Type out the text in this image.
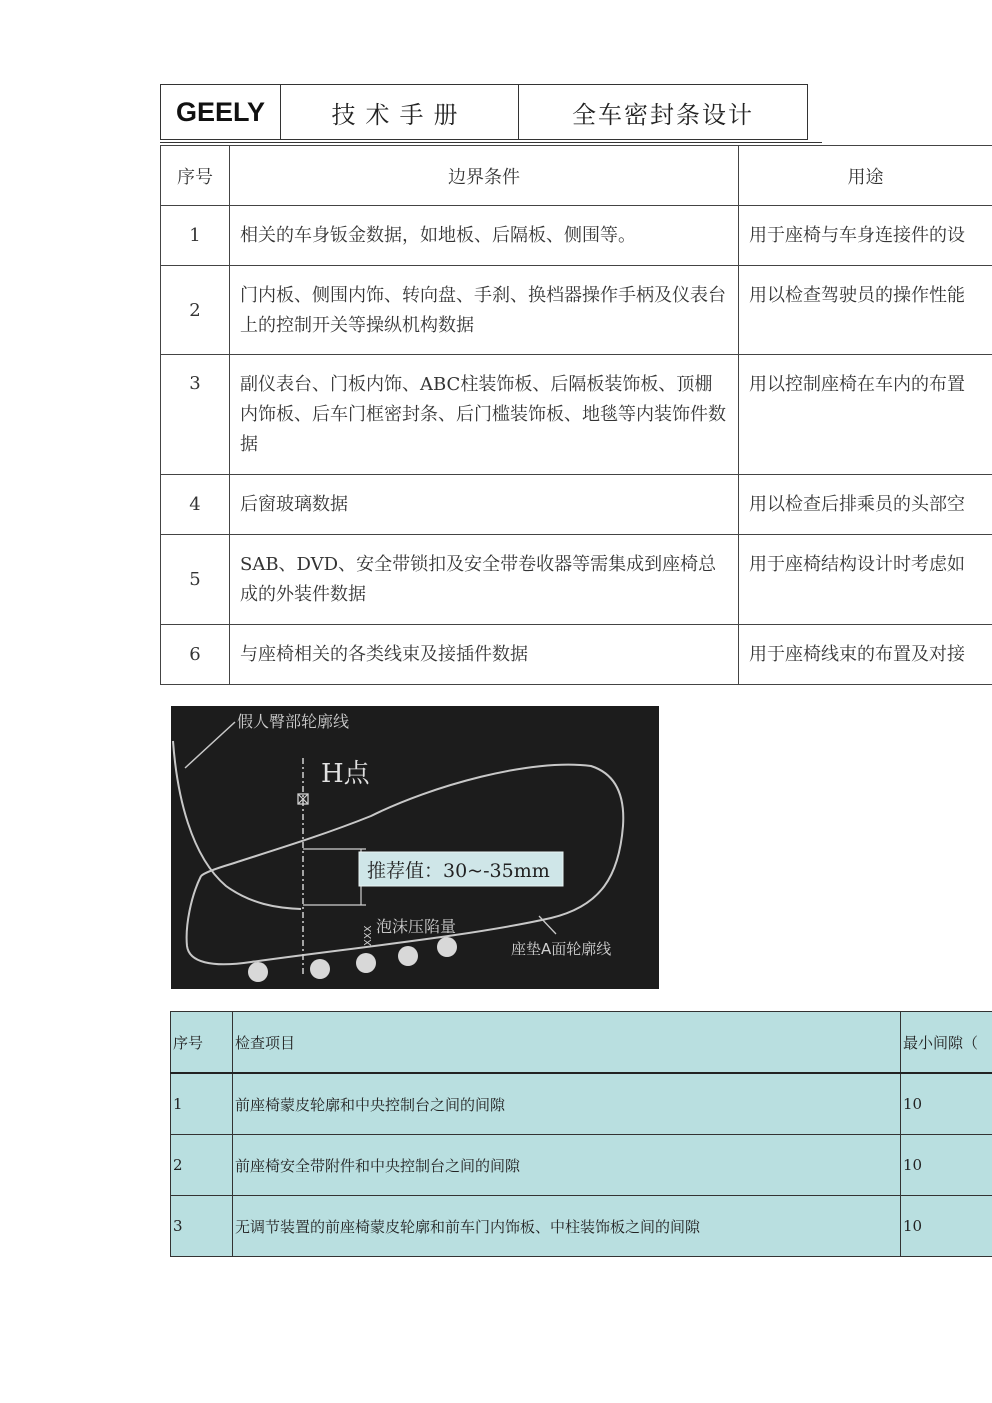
GEELY	技术手册	全车密封条设计
序号	边界条件	用途
1	相关的车身钣金数据，如地板、后隔板、侧围等。	用于座椅与车身连接件的设
2	门内板、侧围内饰、转向盘、手刹、换档器操作手柄及仪表台上的控制开关等操纵机构数据	用以检查驾驶员的操作性能
3	副仪表台、门板内饰、ABC柱装饰板、后隔板装饰板、顶棚内饰板、后车门框密封条、后门槛装饰板、地毯等内装饰件数据	用以控制座椅在车内的布置
4	后窗玻璃数据	用以检查后排乘员的头部空
5	SAB、DVD、安全带锁扣及安全带卷收器等需集成到座椅总成的外装件数据	用于座椅结构设计时考虑如
6	与座椅相关的各类线束及接插件数据	用于座椅线束的布置及对接
假人臀部轮廓线
H点
推荐值：30~-35mm
泡沫压陷量
XXX
座垫A面轮廓线
序号	检查项目	最小间隙（
1	前座椅蒙皮轮廓和中央控制台之间的间隙	10
2	前座椅安全带附件和中央控制台之间的间隙	10
3	无调节装置的前座椅蒙皮轮廓和前车门内饰板、中柱装饰板之间的间隙	10
